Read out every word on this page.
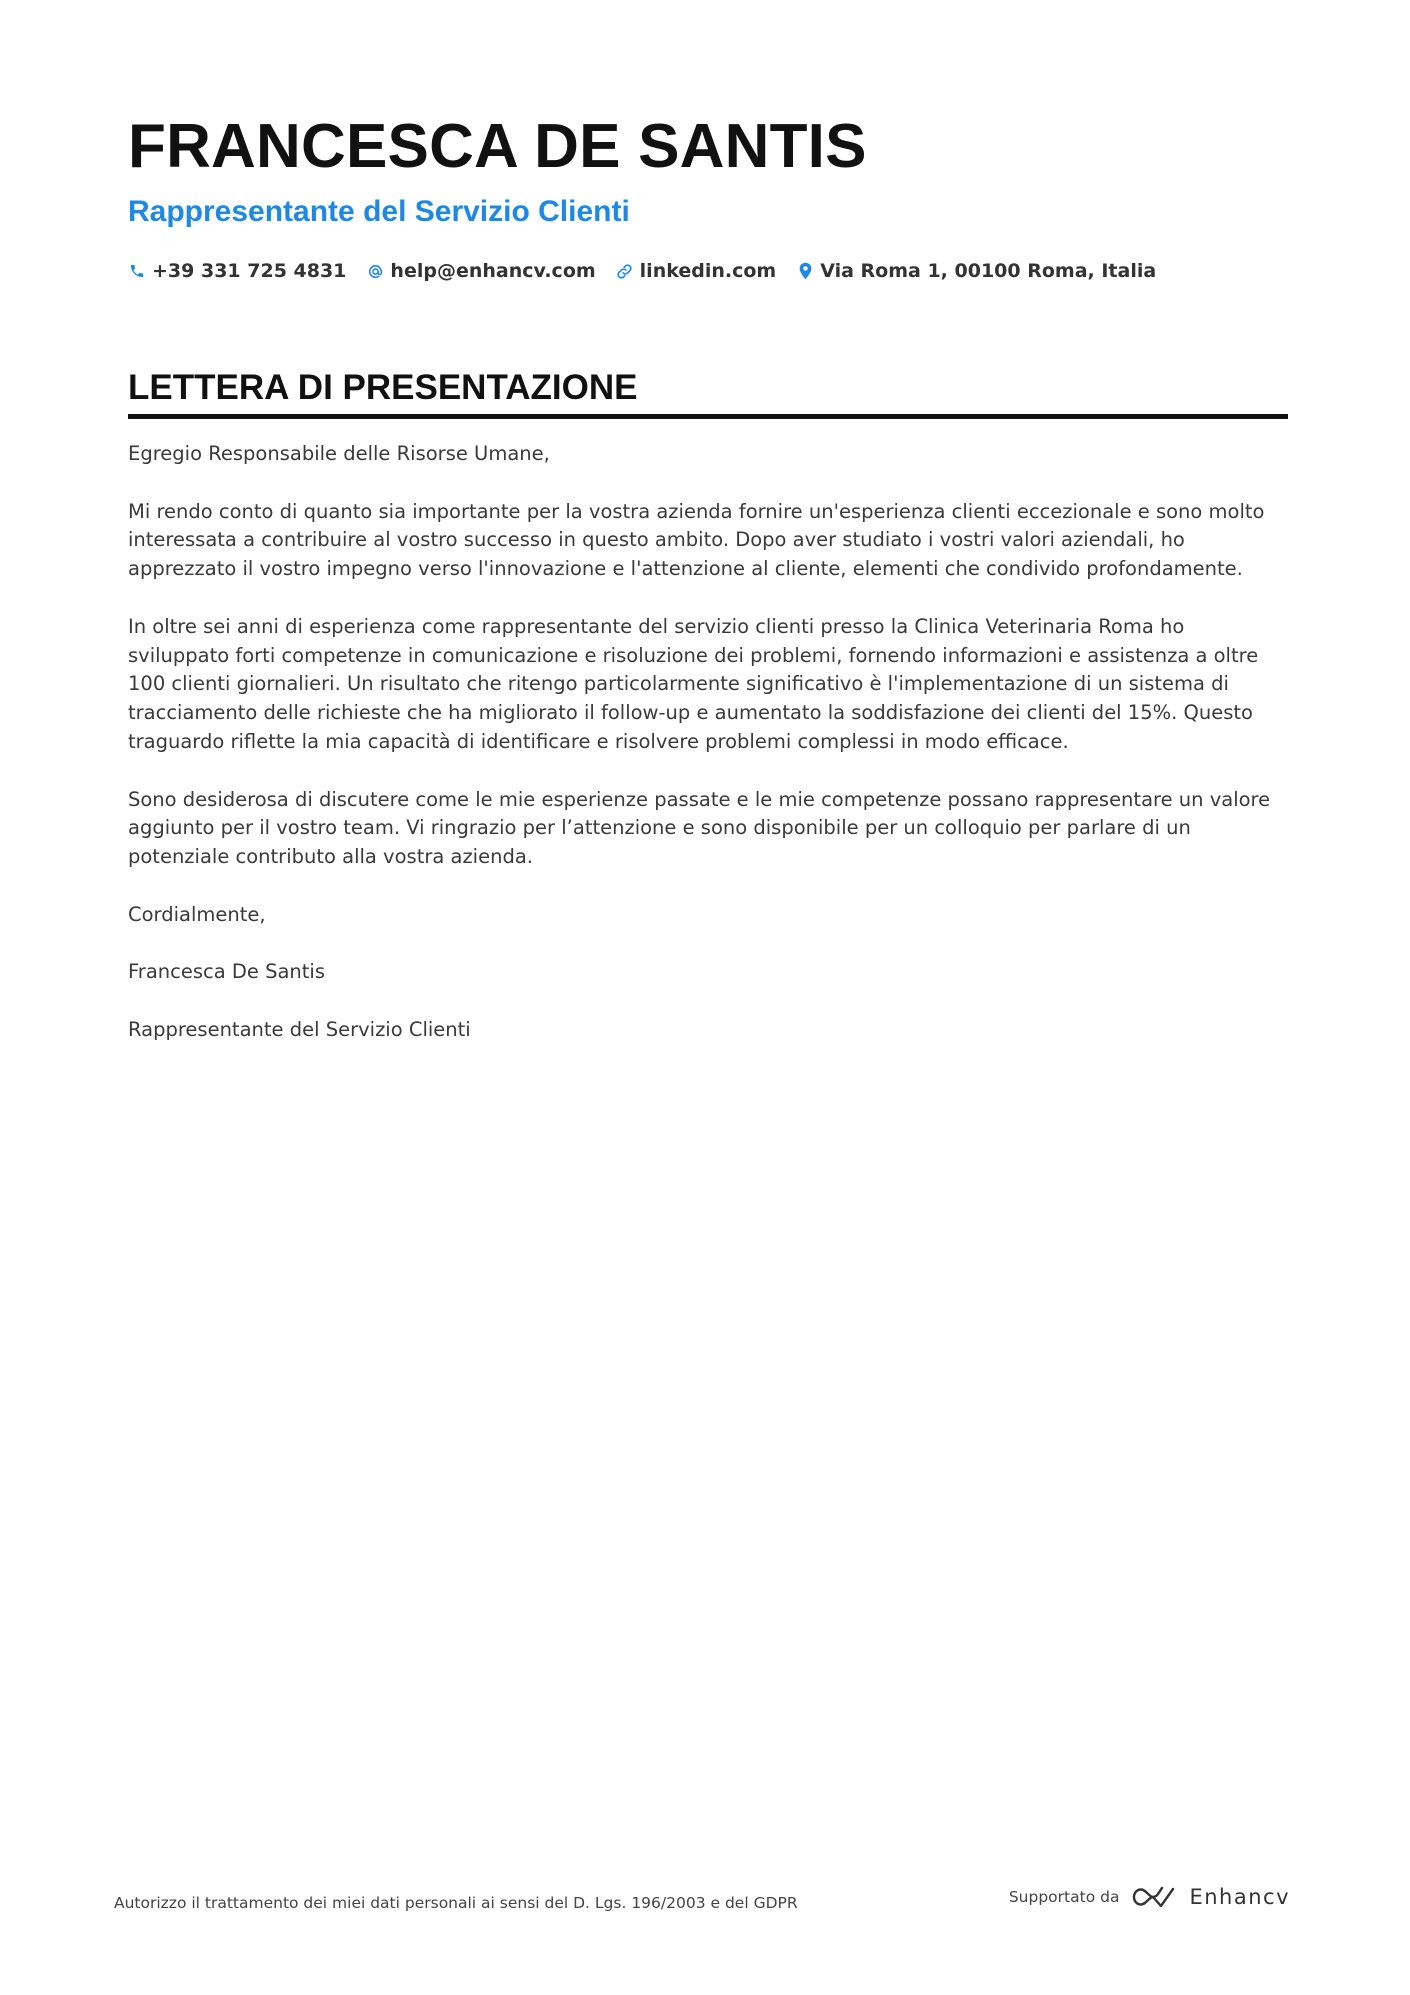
FRANCESCA DE SANTIS
Rappresentante del Servizio Clienti
+39 331 725 4831 help@enhancv.com linkedin.com Via Roma 1, 00100 Roma, Italia
LETTERA DI PRESENTAZIONE

Egregio Responsabile delle Risorse Umane,

Mi rendo conto di quanto sia importante per la vostra azienda fornire un'esperienza clienti eccezionale e sono molto interessata a contribuire al vostro successo in questo ambito. Dopo aver studiato i vostri valori aziendali, ho apprezzato il vostro impegno verso l'innovazione e l'attenzione al cliente, elementi che condivido profondamente.

In oltre sei anni di esperienza come rappresentante del servizio clienti presso la Clinica Veterinaria Roma ho sviluppato forti competenze in comunicazione e risoluzione dei problemi, fornendo informazioni e assistenza a oltre 100 clienti giornalieri. Un risultato che ritengo particolarmente significativo è l'implementazione di un sistema di tracciamento delle richieste che ha migliorato il follow-up e aumentato la soddisfazione dei clienti del 15%. Questo traguardo riflette la mia capacità di identificare e risolvere problemi complessi in modo efficace.

Sono desiderosa di discutere come le mie esperienze passate e le mie competenze possano rappresentare un valore aggiunto per il vostro team. Vi ringrazio per l’attenzione e sono disponibile per un colloquio per parlare di un potenziale contributo alla vostra azienda.

Cordialmente,

Francesca De Santis

Rappresentante del Servizio Clienti

Autorizzo il trattamento dei miei dati personali ai sensi del D. Lgs. 196/2003 e del GDPR	Supportato da	Enhancv
